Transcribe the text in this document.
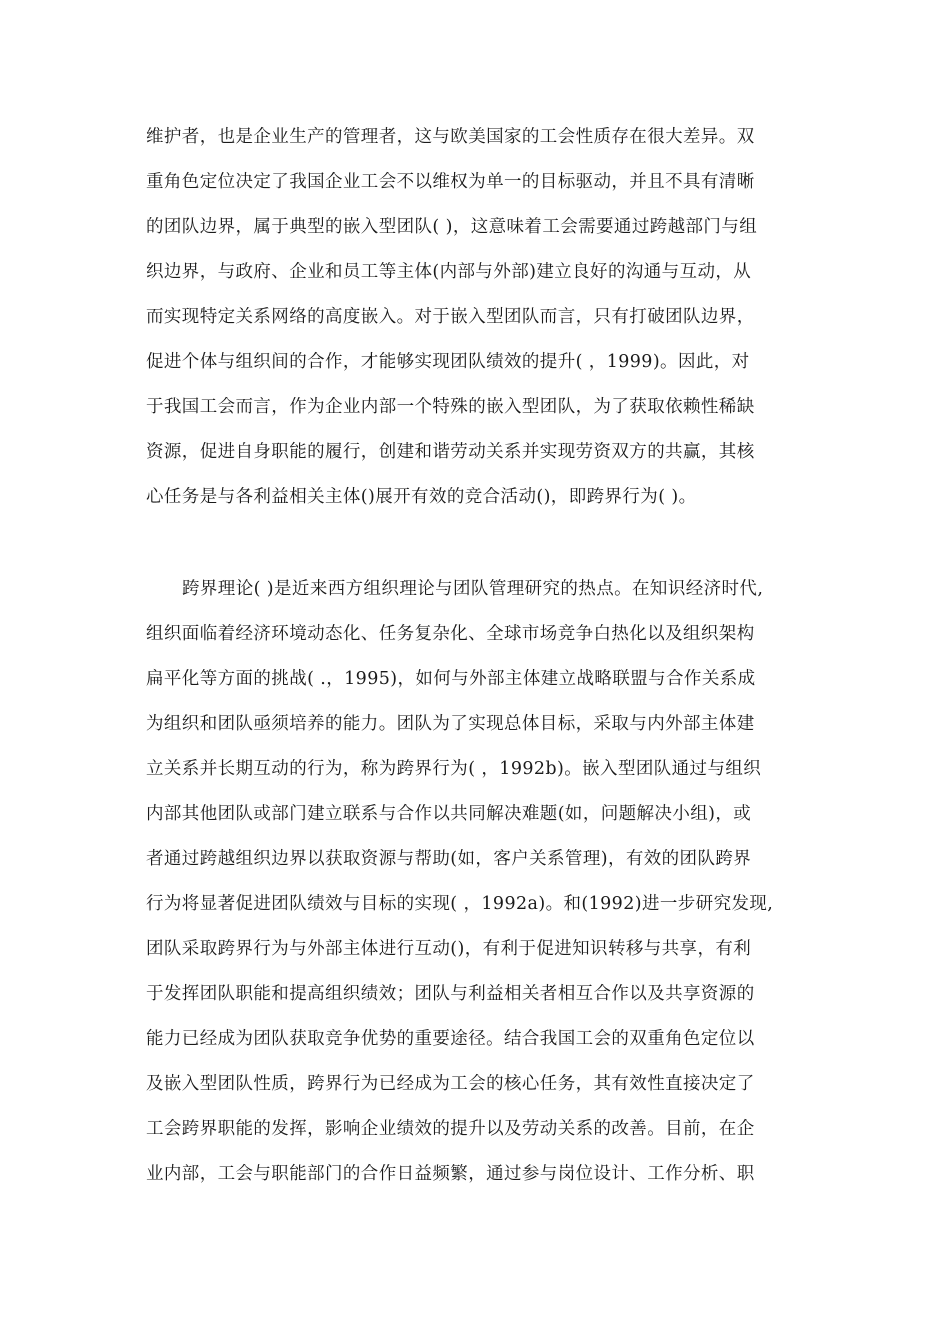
维护者，也是企业生产的管理者，这与欧美国家的工会性质存在很大差异。双
重角色定位决定了我国企业工会不以维权为单一的目标驱动，并且不具有清晰
的团队边界，属于典型的嵌入型团队( )，这意味着工会需要通过跨越部门与组
织边界，与政府、企业和员工等主体(内部与外部)建立良好的沟通与互动，从
而实现特定关系网络的高度嵌入。对于嵌入型团队而言，只有打破团队边界，
促进个体与组织间的合作，才能够实现团队绩效的提升( ，1999)。因此，对
于我国工会而言，作为企业内部一个特殊的嵌入型团队，为了获取依赖性稀缺
资源，促进自身职能的履行，创建和谐劳动关系并实现劳资双方的共赢，其核
心任务是与各利益相关主体()展开有效的竞合活动()，即跨界行为( )。
跨界理论( )是近来西方组织理论与团队管理研究的热点。在知识经济时代,
组织面临着经济环境动态化、任务复杂化、全球市场竞争白热化以及组织架构
扁平化等方面的挑战( .，1995)，如何与外部主体建立战略联盟与合作关系成
为组织和团队亟须培养的能力。团队为了实现总体目标，采取与内外部主体建
立关系并长期互动的行为，称为跨界行为( ，1992b)。嵌入型团队通过与组织
内部其他团队或部门建立联系与合作以共同解决难题(如，问题解决小组)，或
者通过跨越组织边界以获取资源与帮助(如，客户关系管理)，有效的团队跨界
行为将显著促进团队绩效与目标的实现( ，1992a)。和(1992)进一步研究发现,
团队采取跨界行为与外部主体进行互动()，有利于促进知识转移与共享，有利
于发挥团队职能和提高组织绩效；团队与利益相关者相互合作以及共享资源的
能力已经成为团队获取竞争优势的重要途径。结合我国工会的双重角色定位以
及嵌入型团队性质，跨界行为已经成为工会的核心任务，其有效性直接决定了
工会跨界职能的发挥，影响企业绩效的提升以及劳动关系的改善。目前，在企
业内部，工会与职能部门的合作日益频繁，通过参与岗位设计、工作分析、职
